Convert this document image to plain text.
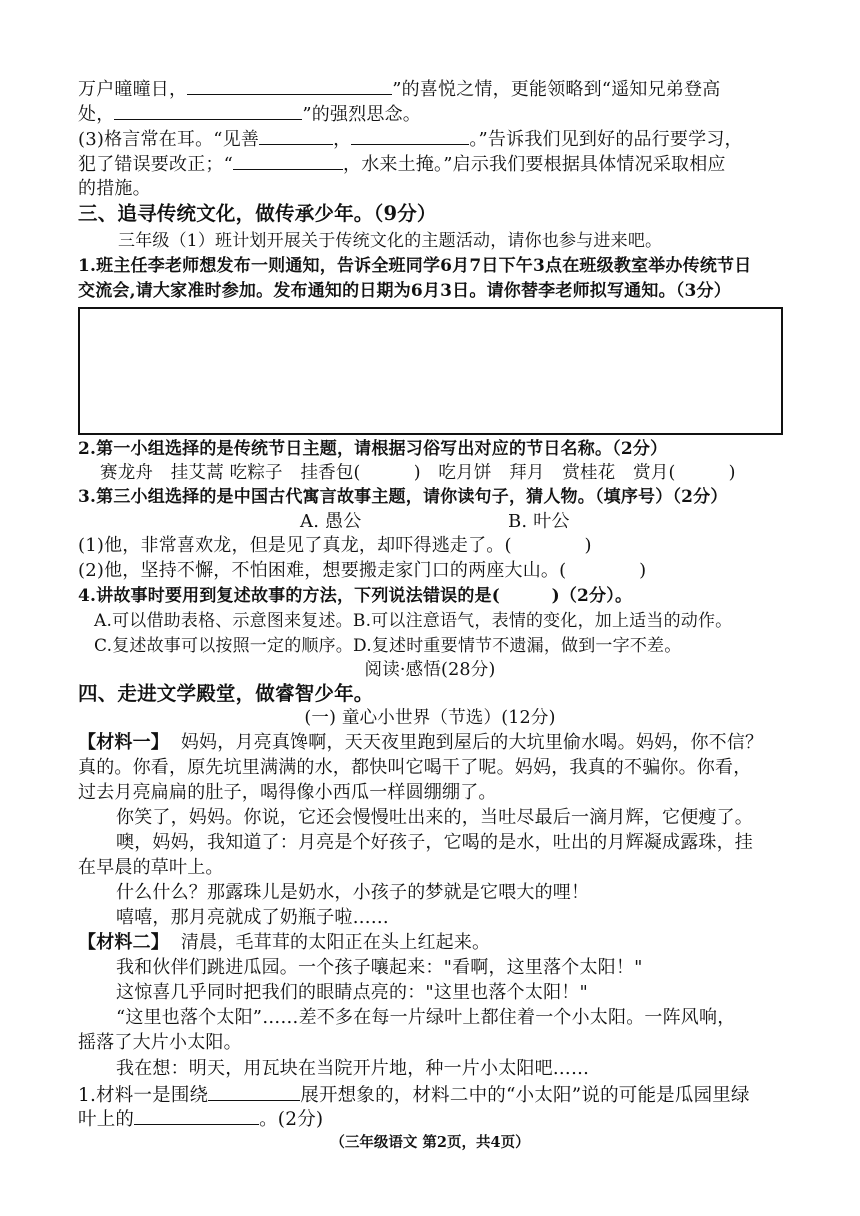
万户曈曈日，	”的喜悦之情，更能领略到“遥知兄弟登高
处，	”的强烈思念。
(3)格言常在耳。“见善	，	。”告诉我们见到好的品行要学习，
犯了错误要改正；“	，水来土掩。”启示我们要根据具体情况采取相应
的措施。
三、追寻传统文化，做传承少年。（9分）
三年级（1）班计划开展关于传统文化的主题活动，请你也参与进来吧。
1.班主任李老师想发布一则通知，告诉全班同学6月7日下午3点在班级教室举办传统节日
交流会,请大家准时参加。发布通知的日期为6月3日。请你替李老师拟写通知。（3分）
2.第一小组选择的是传统节日主题，请根据习俗写出对应的节日名称。（2分）
赛龙舟　挂艾蒿 吃粽子　挂香包(　　　)　吃月饼　拜月　赏桂花　赏月(　　　)
3.第三小组选择的是中国古代寓言故事主题，请你读句子，猜人物。（填序号）（2分）
A. 愚公	B. 叶公
(1)他，非常喜欢龙，但是见了真龙，却吓得逃走了。(　　　　)
(2)他，坚持不懈，不怕困难，想要搬走家门口的两座大山。(　　　　)
4.讲故事时要用到复述故事的方法，下列说法错误的是(　　　)（2分）。
A.可以借助表格、示意图来复述。B.可以注意语气，表情的变化，加上适当的动作。
C.复述故事可以按照一定的顺序。D.复述时重要情节不遗漏，做到一字不差。
阅读·感悟(28分)
四、走进文学殿堂，做睿智少年。
(一) 童心小世界（节选）(12分)
【材料一】 妈妈，月亮真馋啊，天天夜里跑到屋后的大坑里偷水喝。妈妈，你不信？
真的。你看，原先坑里满满的水，都快叫它喝干了呢。妈妈，我真的不骗你。你看，
过去月亮扁扁的肚子，喝得像小西瓜一样圆绷绷了。
你笑了，妈妈。你说，它还会慢慢吐出来的，当吐尽最后一滴月辉，它便瘦了。
噢，妈妈，我知道了：月亮是个好孩子，它喝的是水，吐出的月辉凝成露珠，挂
在早晨的草叶上。
什么什么？那露珠儿是奶水，小孩子的梦就是它喂大的哩！
嘻嘻，那月亮就成了奶瓶子啦……
【材料二】 清晨，毛茸茸的太阳正在头上红起来。
我和伙伴们跳进瓜园。一个孩子嚷起来："看啊，这里落个太阳！"
这惊喜几乎同时把我们的眼睛点亮的："这里也落个太阳！"
“这里也落个太阳”……差不多在每一片绿叶上都住着一个小太阳。一阵风响，
摇落了大片小太阳。
我在想：明天，用瓦块在当院开片地，种一片小太阳吧……
1.材料一是围绕	展开想象的，材料二中的“小太阳”说的可能是瓜园里绿
叶上的	。(2分)
（三年级语文 第2页，共4页）
